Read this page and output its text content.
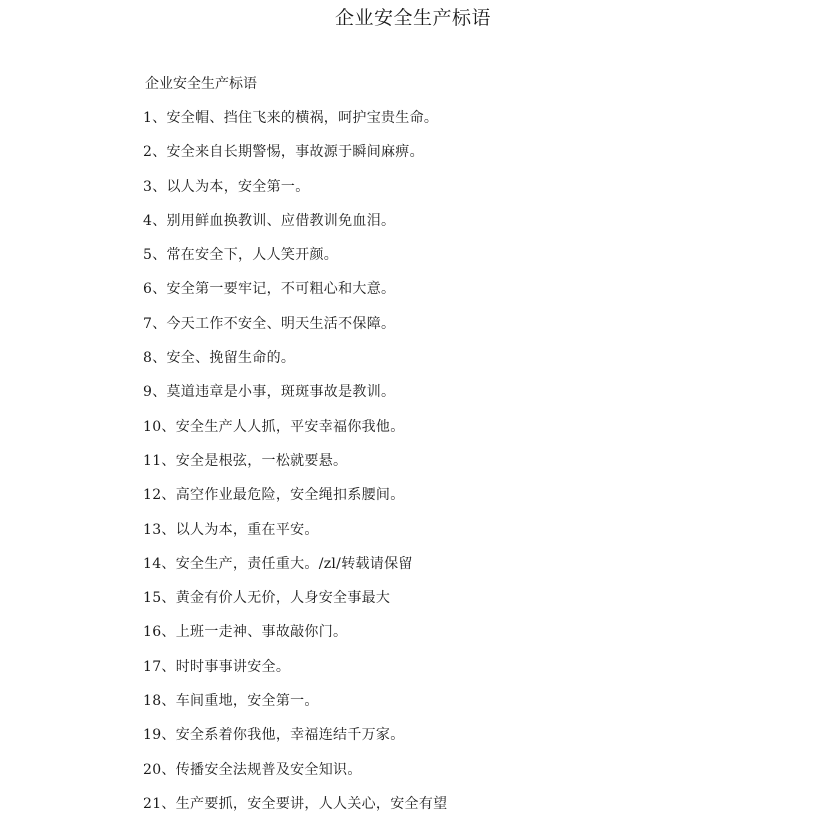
企业安全生产标语
企业安全生产标语
1、安全帽、挡住飞来的横祸，呵护宝贵生命。
2、安全来自长期警惕，事故源于瞬间麻痹。
3、以人为本，安全第一。
4、别用鲜血换教训、应借教训免血泪。
5、常在安全下，人人笑开颜。
6、安全第一要牢记，不可粗心和大意。
7、今天工作不安全、明天生活不保障。
8、安全、挽留生命的。
9、莫道违章是小事，斑斑事故是教训。
10、安全生产人人抓，平安幸福你我他。
11、安全是根弦，一松就要悬。
12、高空作业最危险，安全绳扣系腰间。
13、以人为本，重在平安。
14、安全生产，责任重大。/zl/转载请保留
15、黄金有价人无价，人身安全事最大
16、上班一走神、事故敲你门。
17、时时事事讲安全。
18、车间重地，安全第一。
19、安全系着你我他，幸福连结千万家。
20、传播安全法规普及安全知识。
21、生产要抓，安全要讲，人人关心，安全有望
